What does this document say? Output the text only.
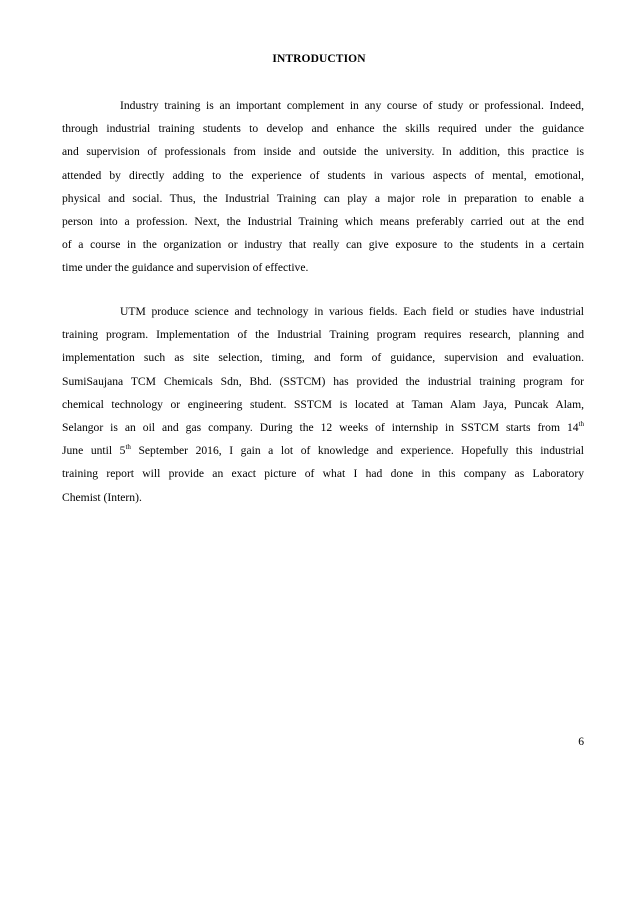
INTRODUCTION
Industry training is an important complement in any course of study or professional. Indeed,
through industrial training students to develop and enhance the skills required under the guidance
and supervision of professionals from inside and outside the university. In addition, this practice is
attended by directly adding to the experience of students in various aspects of mental, emotional,
physical and social. Thus, the Industrial Training can play a major role in preparation to enable a
person into a profession. Next, the Industrial Training which means preferably carried out at the end
of a course in the organization or industry that really can give exposure to the students in a certain
time under the guidance and supervision of effective.
UTM produce science and technology in various fields. Each field or studies have industrial
training program. Implementation of the Industrial Training program requires research, planning and
implementation such as site selection, timing, and form of guidance, supervision and evaluation.
SumiSaujana TCM Chemicals Sdn, Bhd. (SSTCM) has provided the industrial training program for
chemical technology or engineering student. SSTCM is located at Taman Alam Jaya, Puncak Alam,
Selangor is an oil and gas company. During the 12 weeks of internship in SSTCM starts from 14th
June until 5th September 2016, I gain a lot of knowledge and experience. Hopefully this industrial
training report will provide an exact picture of what I had done in this company as Laboratory
Chemist (Intern).
6
